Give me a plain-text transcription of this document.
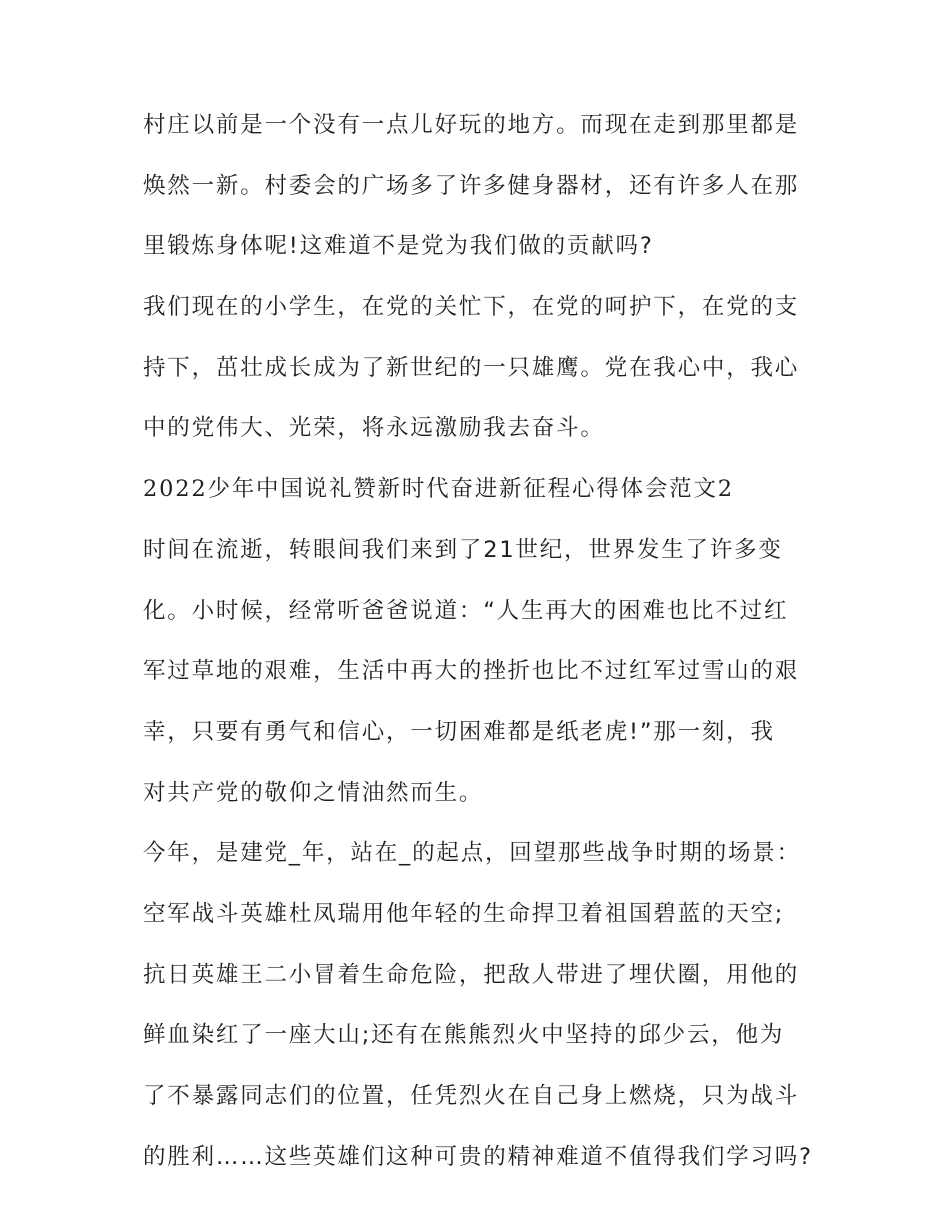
村庄以前是一个没有一点儿好玩的地方。而现在走到那里都是
焕然一新。村委会的广场多了许多健身器材，还有许多人在那
里锻炼身体呢!这难道不是党为我们做的贡献吗?
我们现在的小学生，在党的关忙下，在党的呵护下，在党的支
持下，茁壮成长成为了新世纪的一只雄鹰。党在我心中，我心
中的党伟大、光荣，将永远激励我去奋斗。
2022少年中国说礼赞新时代奋进新征程心得体会范文2
时间在流逝，转眼间我们来到了21世纪，世界发生了许多变
化。小时候，经常听爸爸说道：“人生再大的困难也比不过红
军过草地的艰难，生活中再大的挫折也比不过红军过雪山的艰
幸，只要有勇气和信心，一切困难都是纸老虎!”那一刻，我
对共产党的敬仰之情油然而生。
今年，是建党_年，站在_的起点，回望那些战争时期的场景：
空军战斗英雄杜凤瑞用他年轻的生命捍卫着祖国碧蓝的天空;
抗日英雄王二小冒着生命危险，把敌人带进了埋伏圈，用他的
鲜血染红了一座大山;还有在熊熊烈火中坚持的邱少云，他为
了不暴露同志们的位置，任凭烈火在自己身上燃烧，只为战斗
的胜利……这些英雄们这种可贵的精神难道不值得我们学习吗?
